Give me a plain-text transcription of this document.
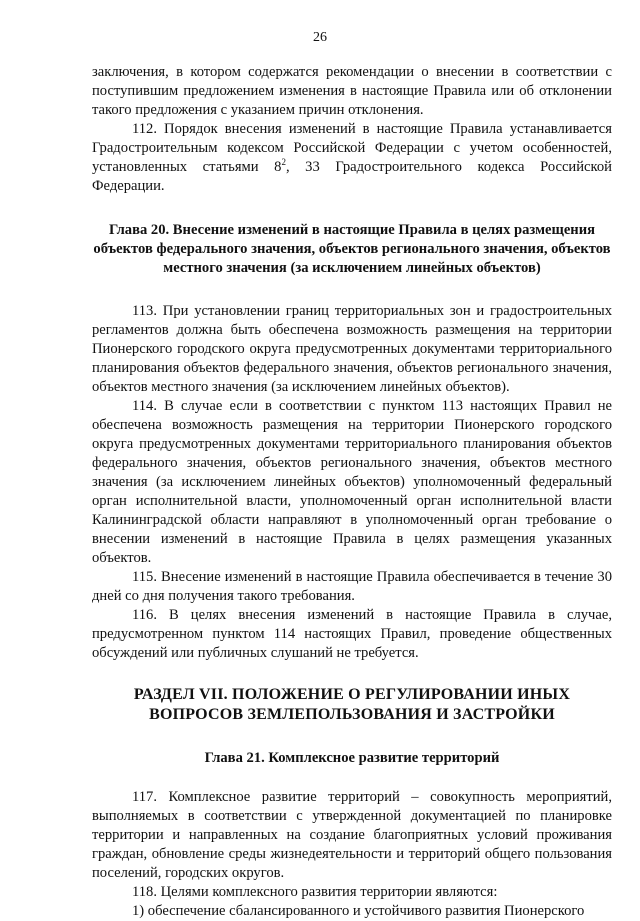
26

заключения, в котором содержатся рекомендации о внесении в соответствии с поступившим предложением изменения в настоящие Правила или об отклонении такого предложения с указанием причин отклонения.

112. Порядок внесения изменений в настоящие Правила устанавливается Градостроительным кодексом Российской Федерации с учетом особенностей, установленных статьями $8^2$, 33 Градостроительного кодекса Российской Федерации.

Глава 20. Внесение изменений в настоящие Правила в целях размещения объектов федерального значения, объектов регионального значения, объектов местного значения (за исключением линейных объектов)

113. При установлении границ территориальных зон и градостроительных регламентов должна быть обеспечена возможность размещения на территории Пионерского городского округа предусмотренных документами территориального планирования объектов федерального значения, объектов регионального значения, объектов местного значения (за исключением линейных объектов).

114. В случае если в соответствии с пунктом 113 настоящих Правил не обеспечена возможность размещения на территории Пионерского городского округа предусмотренных документами территориального планирования объектов федерального значения, объектов регионального значения, объектов местного значения (за исключением линейных объектов) уполномоченный федеральный орган исполнительной власти, уполномоченный орган исполнительной власти Калининградской области направляют в уполномоченный орган требование о внесении изменений в настоящие Правила в целях размещения указанных объектов.

115. Внесение изменений в настоящие Правила обеспечивается в течение 30 дней со дня получения такого требования.

116. В целях внесения изменений в настоящие Правила в случае, предусмотренном пунктом 114 настоящих Правил, проведение общественных обсуждений или публичных слушаний не требуется.

РАЗДЕЛ VII. ПОЛОЖЕНИЕ О РЕГУЛИРОВАНИИ ИНЫХ ВОПРОСОВ ЗЕМЛЕПОЛЬЗОВАНИЯ И ЗАСТРОЙКИ
Глава 21. Комплексное развитие территорий

117. Комплексное развитие территорий – совокупность мероприятий, выполняемых в соответствии с утвержденной документацией по планировке территории и направленных на создание благоприятных условий проживания граждан, обновление среды жизнедеятельности и территорий общего пользования поселений, городских округов.

118. Целями комплексного развития территории являются:

1) обеспечение сбалансированного и устойчивого развития Пионерского
